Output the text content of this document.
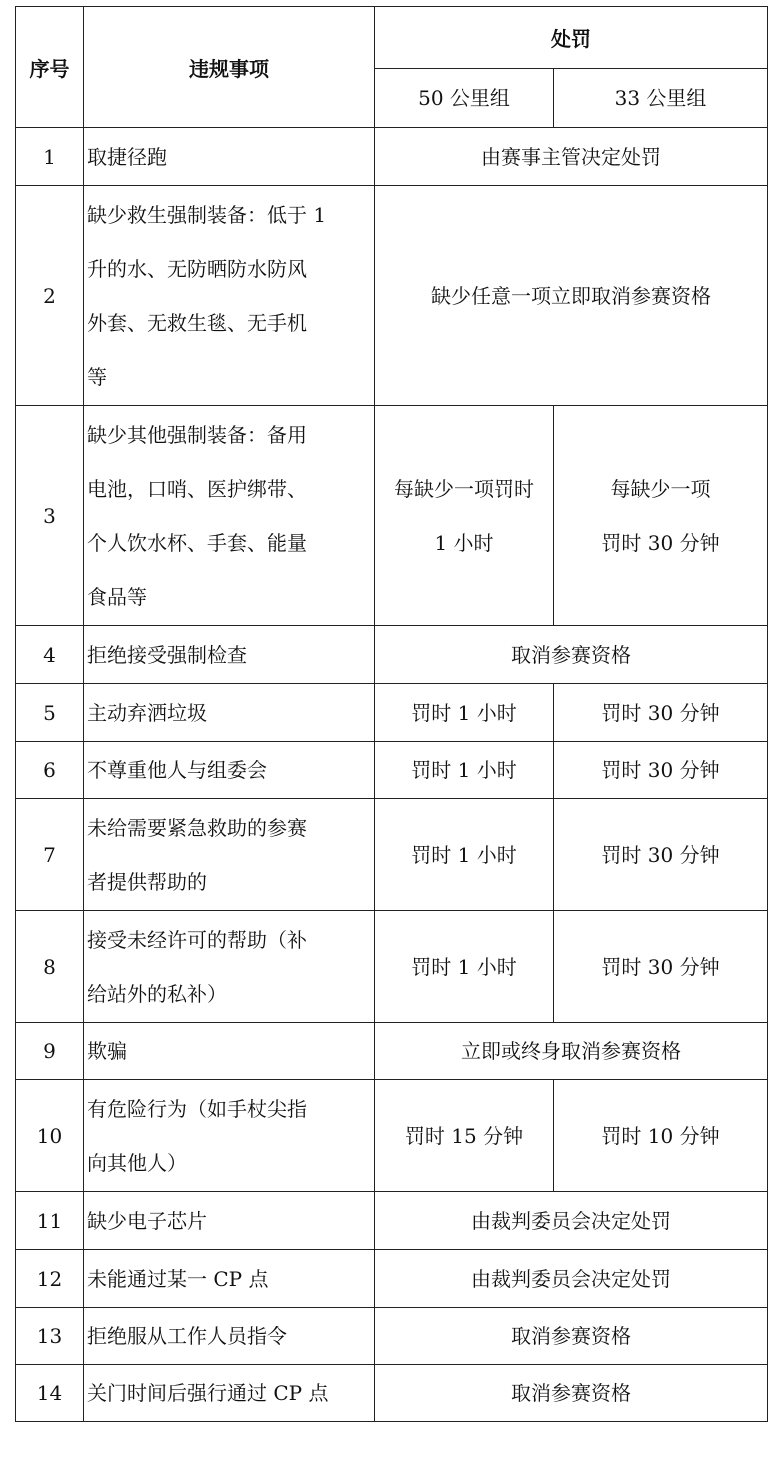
序号	违规事项	处罚	
		50 公里组	33 公里组
1	取捷径跑	由赛事主管决定处罚	
2	缺少救生强制装备：低于 1
升的水、无防晒防水防风
外套、无救生毯、无手机
等	缺少任意一项立即取消参赛资格	
3	缺少其他强制装备：备用
电池，口哨、医护绑带、
个人饮水杯、手套、能量
食品等	每缺少一项罚时
1 小时	每缺少一项
罚时 30 分钟

4	拒绝接受强制检查	取消参赛资格	
5	主动弃洒垃圾	罚时 1 小时	罚时 30 分钟
6	不尊重他人与组委会	罚时 1 小时	罚时 30 分钟
7	未给需要紧急救助的参赛
者提供帮助的	罚时 1 小时	罚时 30 分钟
8	接受未经许可的帮助（补
给站外的私补）	罚时 1 小时	罚时 30 分钟
9	欺骗	立即或终身取消参赛资格	
10	有危险行为（如手杖尖指
向其他人）	罚时 15 分钟	罚时 10 分钟
11	缺少电子芯片	由裁判委员会决定处罚	
12	未能通过某一 CP 点	由裁判委员会决定处罚	
13	拒绝服从工作人员指令	取消参赛资格	
14	关门时间后强行通过 CP 点	取消参赛资格	
